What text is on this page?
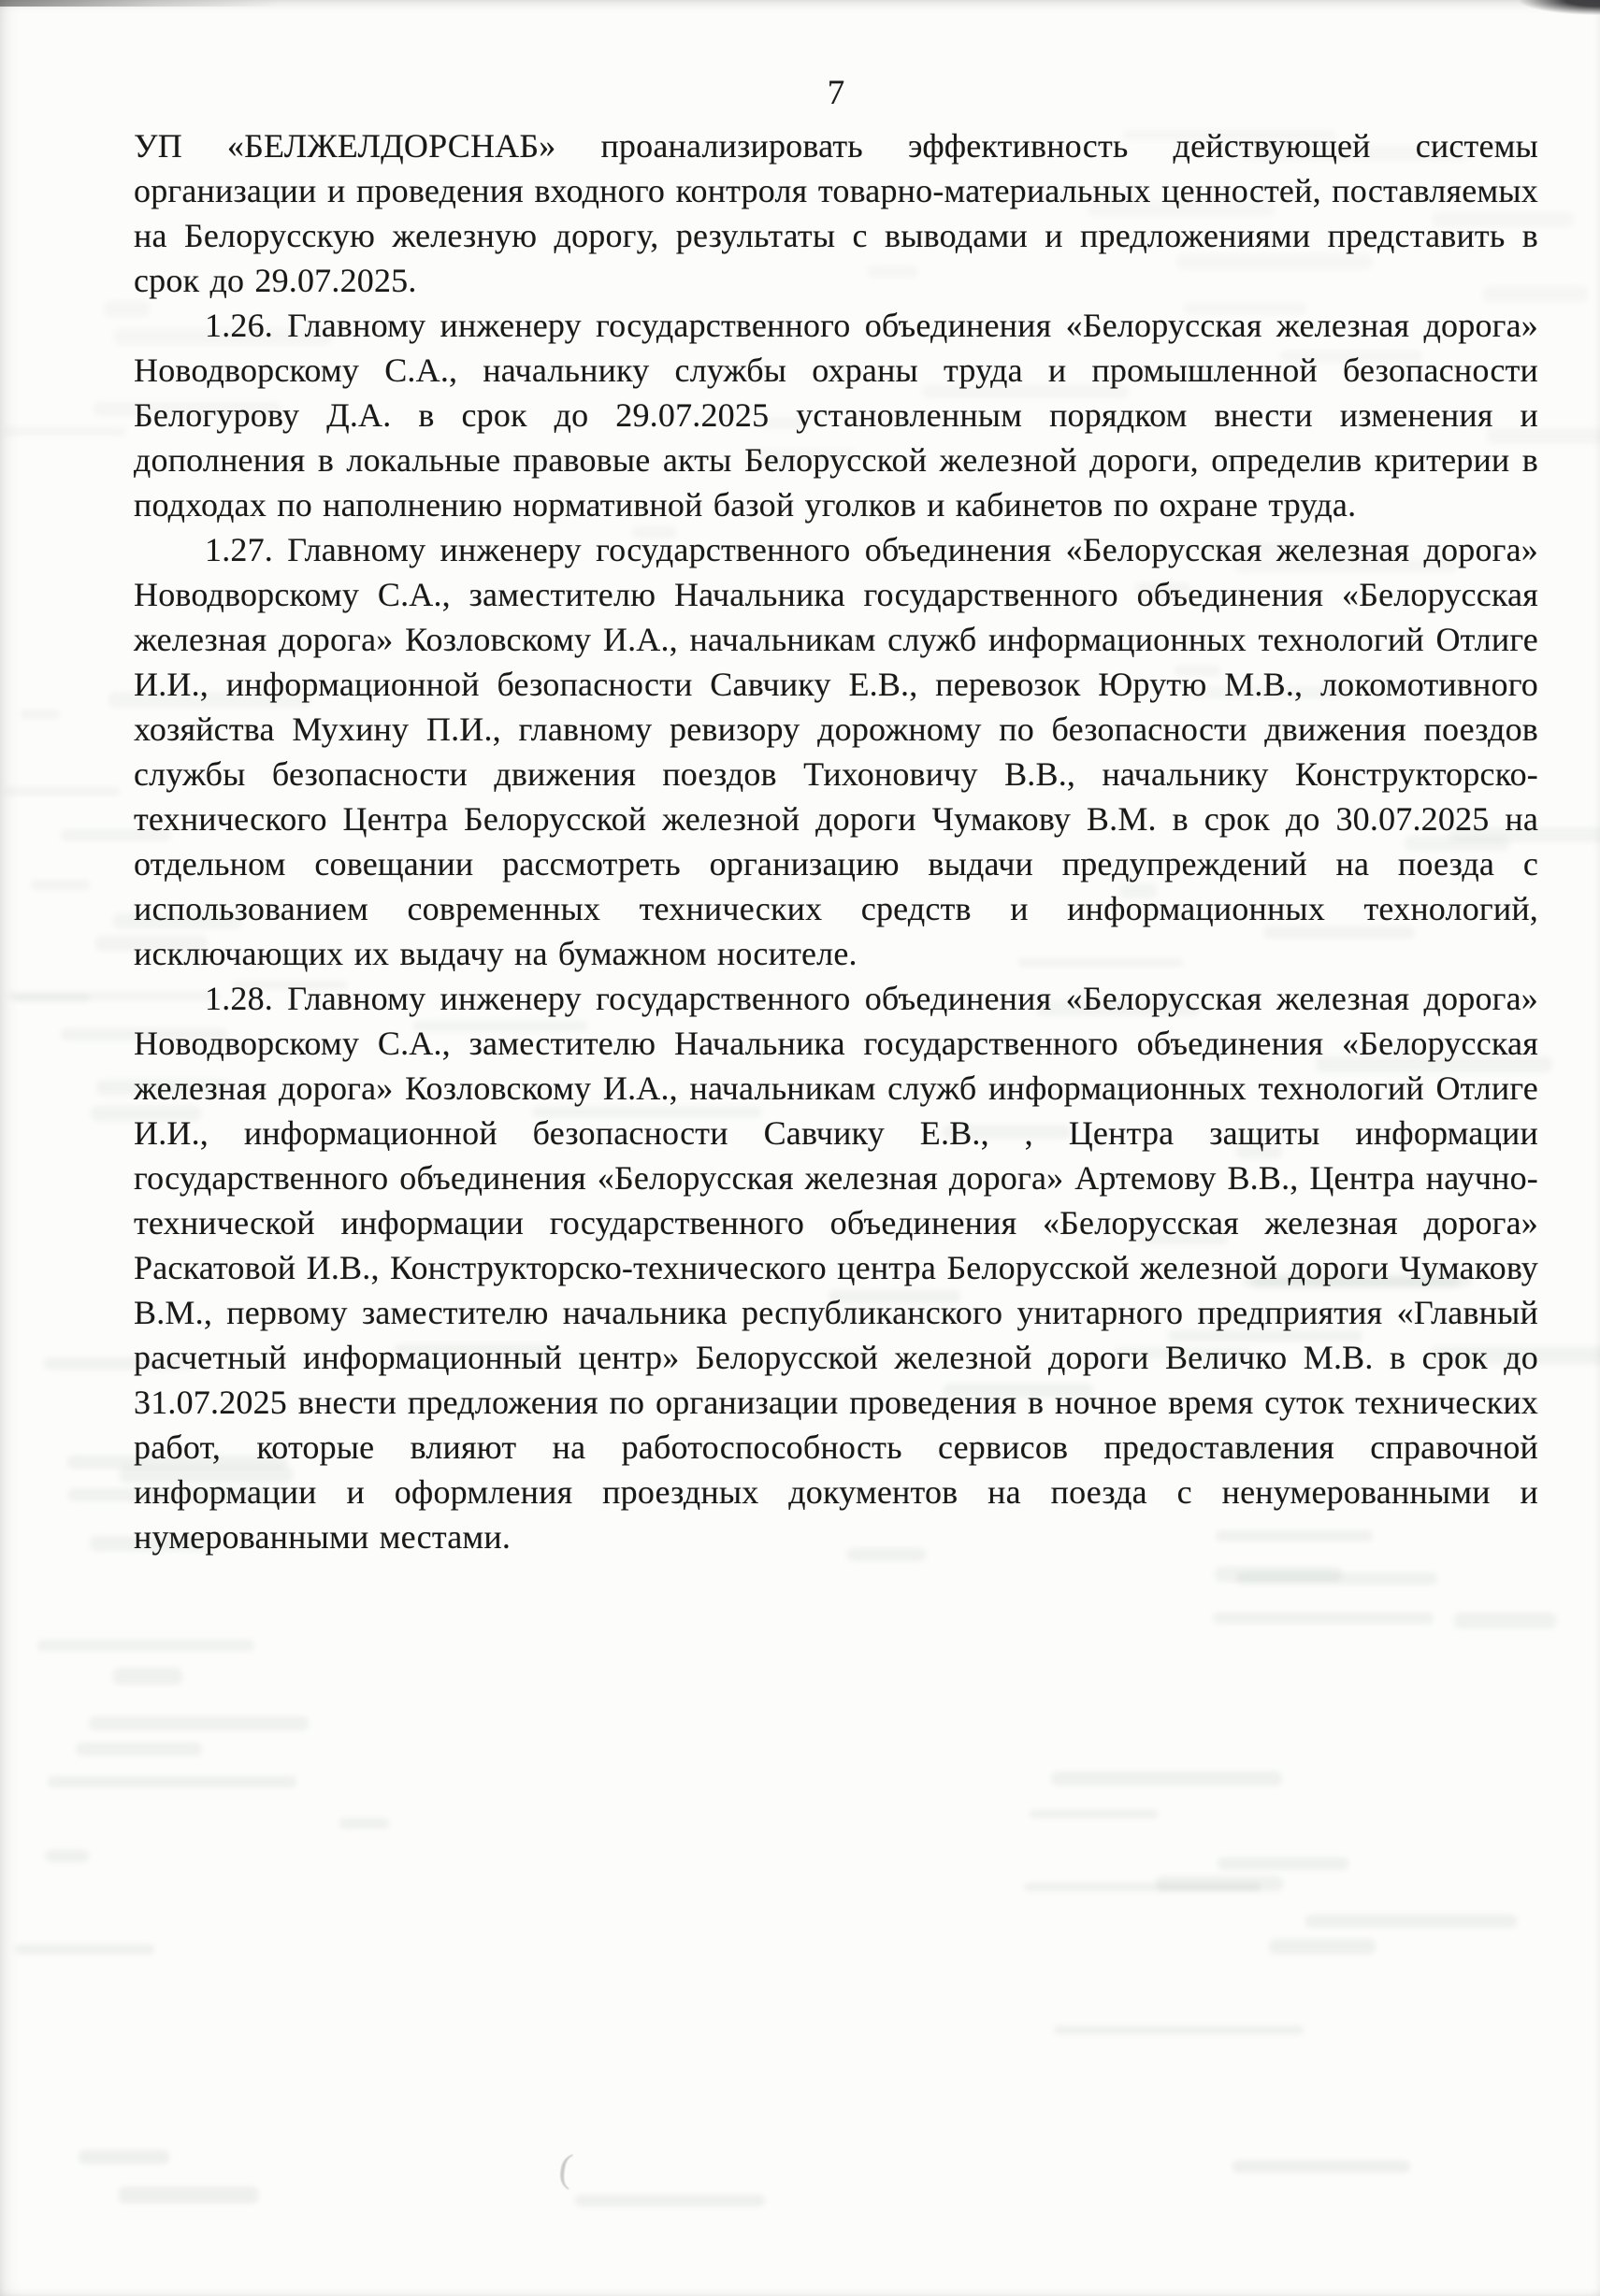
7

УП «БЕЛЖЕЛДОРСНАБ» проанализировать эффективность действующей системы организации и проведения входного контроля товарно-материальных ценностей, поставляемых на Белорусскую железную дорогу, результаты с выводами и предложениями представить в срок до 29.07.2025.

1.26. Главному инженеру государственного объединения «Белорусская железная дорога» Новодворскому С.А., начальнику службы охраны труда и промышленной безопасности Белогурову Д.А. в срок до 29.07.2025 установленным порядком внести изменения и дополнения в локальные правовые акты Белорусской железной дороги, определив критерии в подходах по наполнению нормативной базой уголков и кабинетов по охране труда.

1.27. Главному инженеру государственного объединения «Белорусская железная дорога» Новодворскому С.А., заместителю Начальника государственного объединения «Белорусская железная дорога» Козловскому И.А., начальникам служб информационных технологий Отлиге И.И., информационной безопасности Савчику Е.В., перевозок Юрутю М.В., локомотивного хозяйства Мухину П.И., главному ревизору дорожному по безопасности движения поездов службы безопасности движения поездов Тихоновичу В.В., начальнику Конструкторско-технического Центра Белорусской железной дороги Чумакову В.М. в срок до 30.07.2025 на отдельном совещании рассмотреть организацию выдачи предупреждений на поезда с использованием современных технических средств и информационных технологий, исключающих их выдачу на бумажном носителе.

1.28. Главному инженеру государственного объединения «Белорусская железная дорога» Новодворскому С.А., заместителю Начальника государственного объединения «Белорусская железная дорога» Козловскому И.А., начальникам служб информационных технологий Отлиге И.И., информационной безопасности Савчику Е.В., , Центра защиты информации государственного объединения «Белорусская железная дорога» Артемову В.В., Центра научно-технической информации государственного объединения «Белорусская железная дорога» Раскатовой И.В., Конструкторско-технического центра Белорусской железной дороги Чумакову В.М., первому заместителю начальника республиканского унитарного предприятия «Главный расчетный информационный центр» Белорусской железной дороги Величко М.В. в срок до 31.07.2025 внести предложения по организации проведения в ночное время суток технических работ, которые влияют на работоспособность сервисов предоставления справочной информации и оформления проездных документов на поезда с ненумерованными и нумерованными местами.

(
